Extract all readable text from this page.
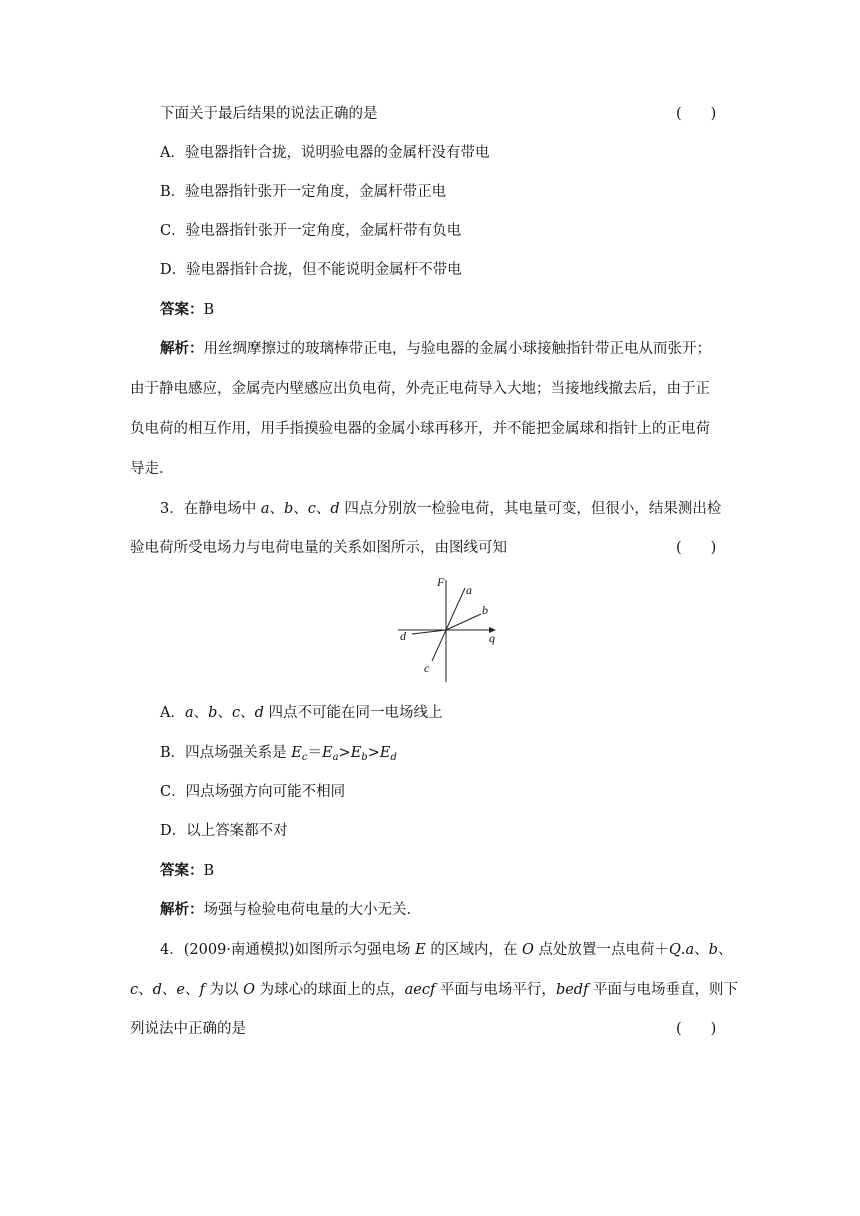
下面关于最后结果的说法正确的是	(　　)
A．验电器指针合拢，说明验电器的金属杆没有带电
B．验电器指针张开一定角度，金属杆带正电
C．验电器指针张开一定角度，金属杆带有负电
D．验电器指针合拢，但不能说明金属杆不带电
答案：B
解析：用丝绸摩擦过的玻璃棒带正电，与验电器的金属小球接触指针带正电从而张开；
由于静电感应，金属壳内壁感应出负电荷，外壳正电荷导入大地；当接地线撤去后，由于正
负电荷的相互作用，用手指摸验电器的金属小球再移开，并不能把金属球和指针上的正电荷
导走．
3．在静电场中 a、b、c、d 四点分别放一检验电荷，其电量可变，但很小，结果测出检
验电荷所受电场力与电荷电量的关系如图所示，由图线可知	(　　)
F
a
b
q
d
c
A．a、b、c、d 四点不可能在同一电场线上
B．四点场强关系是 $E_c=E_a>E_b>E_d$
C．四点场强方向可能不相同
D．以上答案都不对
答案：B
解析：场强与检验电荷电量的大小无关．
4．(2009·南通模拟)如图所示匀强电场 E 的区域内，在 O 点处放置一点电荷＋Q.a、b、
c、d、e、f 为以 O 为球心的球面上的点，aecf 平面与电场平行，bedf 平面与电场垂直，则下
列说法中正确的是	(　　)
